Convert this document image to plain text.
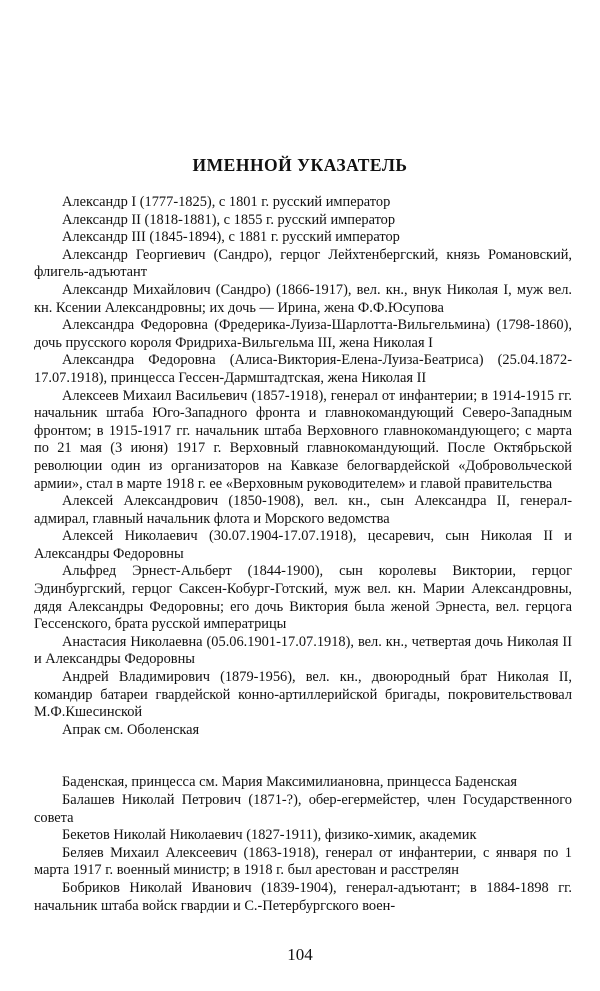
ИМЕННОЙ УКАЗАТЕЛЬ

Александр I (1777-1825), с 1801 г. русский император

Александр II (1818-1881), с 1855 г. русский император

Александр III (1845-1894), с 1881 г. русский император

Александр Георгиевич (Сандро), герцог Лейхтенбергский, князь Романовский, флигель-адъютант

Александр Михайлович (Сандро) (1866-1917), вел. кн., внук Николая I, муж вел. кн. Ксении Александровны; их дочь — Ирина, жена Ф.Ф.Юсупова

Александра Федоровна (Фредерика-Луиза-Шарлотта-Вильгельмина) (1798-1860), дочь прусского короля Фридриха-Вильгельма III, жена Николая I

Александра Федоровна (Алиса-Виктория-Елена-Луиза-Беатриса) (25.04.1872-17.07.1918), принцесса Гессен-Дармштадтская, жена Николая II

Алексеев Михаил Васильевич (1857-1918), генерал от инфантерии; в 1914-1915 гг. начальник штаба Юго-Западного фронта и главнокомандующий Северо-Западным фронтом; в 1915-1917 гг. начальник штаба Верховного главнокомандующего; с марта по 21 мая (3 июня) 1917 г. Верховный главнокомандующий. После Октябрьской революции один из организаторов на Кавказе белогвардейской «Добровольческой армии», стал в марте 1918 г. ее «Верховным руководителем» и главой правительства

Алексей Александрович (1850-1908), вел. кн., сын Александра II, генерал-адмирал, главный начальник флота и Морского ведомства

Алексей Николаевич (30.07.1904-17.07.1918), цесаревич, сын Николая II и Александры Федоровны

Альфред Эрнест-Альберт (1844-1900), сын королевы Виктории, герцог Эдинбургский, герцог Саксен-Кобург-Готский, муж вел. кн. Марии Александровны, дядя Александры Федоровны; его дочь Виктория была женой Эрнеста, вел. герцога Гессенского, брата русской императрицы

Анастасия Николаевна (05.06.1901-17.07.1918), вел. кн., четвертая дочь Николая II и Александры Федоровны

Андрей Владимирович (1879-1956), вел. кн., двоюродный брат Николая II, командир батареи гвардейской конно-артиллерийской бригады, покровительствовал М.Ф.Кшесинской

Апрак см. Оболенская

Баденская, принцесса см. Мария Максимилиановна, принцесса Баденская

Балашев Николай Петрович (1871-?), обер-егермейстер, член Государственного совета

Бекетов Николай Николаевич (1827-1911), физико-химик, академик

Беляев Михаил Алексеевич (1863-1918), генерал от инфантерии, с января по 1 марта 1917 г. военный министр; в 1918 г. был арестован и расстрелян

Бобриков Николай Иванович (1839-1904), генерал-адъютант; в 1884-1898 гг. начальник штаба войск гвардии и С.-Петербургского воен-

104
